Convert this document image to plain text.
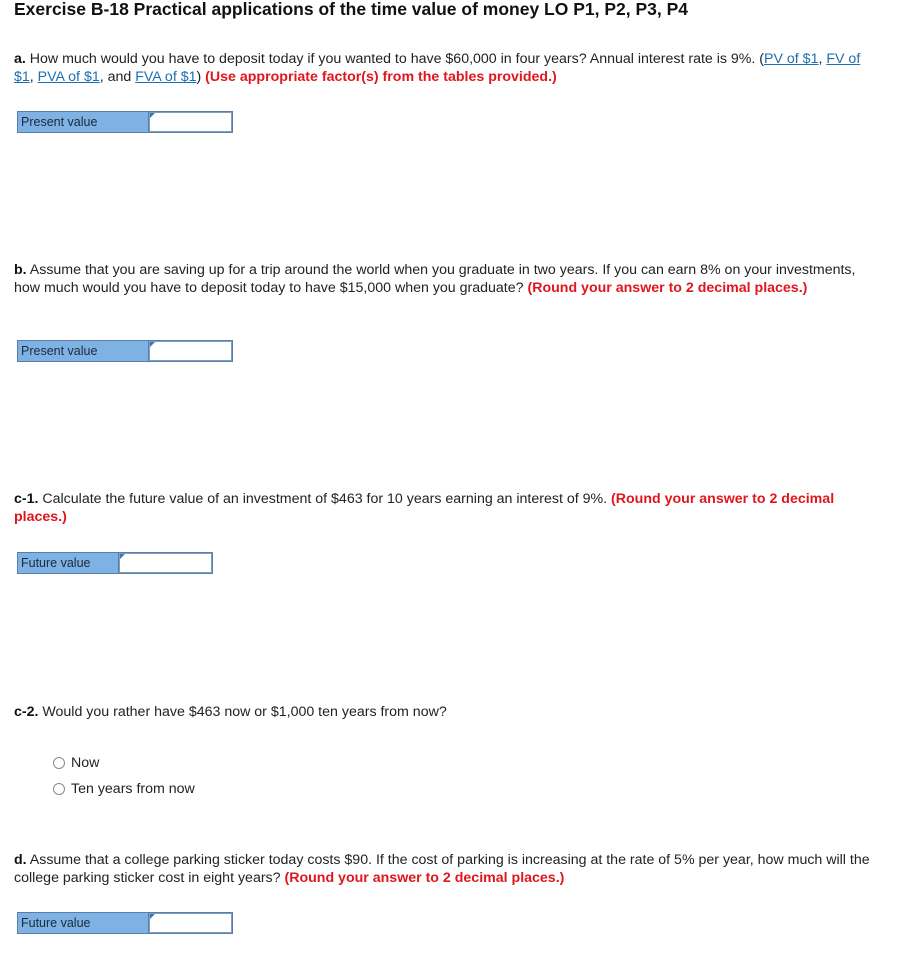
Exercise B-18 Practical applications of the time value of money LO P1, P2, P3, P4
a. How much would you have to deposit today if you wanted to have $60,000 in four years? Annual interest rate is 9%. (PV of $1, FV of $1, PVA of $1, and FVA of $1) (Use appropriate factor(s) from the tables provided.)
Present value
b. Assume that you are saving up for a trip around the world when you graduate in two years. If you can earn 8% on your investments, how much would you have to deposit today to have $15,000 when you graduate? (Round your answer to 2 decimal places.)
Present value
c-1. Calculate the future value of an investment of $463 for 10 years earning an interest of 9%. (Round your answer to 2 decimal places.)
Future value
c-2. Would you rather have $463 now or $1,000 ten years from now?
Now
Ten years from now
d. Assume that a college parking sticker today costs $90. If the cost of parking is increasing at the rate of 5% per year, how much will the college parking sticker cost in eight years? (Round your answer to 2 decimal places.)
Future value
